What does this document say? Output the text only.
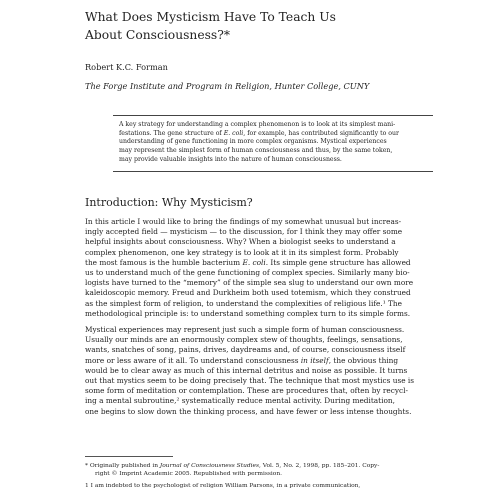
What Does Mysticism Have To Teach Us
About Consciousness?*
Robert K.C. Forman
The Forge Institute and Program in Religion, Hunter College, CUNY
A key strategy for understanding a complex phenomenon is to look at its simplest mani-
festations. The gene structure of E. coli, for example, has contributed significantly to our
understanding of gene functioning in more complex organisms. Mystical experiences
may represent the simplest form of human consciousness and thus, by the same token,
may provide valuable insights into the nature of human consciousness.
Introduction: Why Mysticism?
In this article I would like to bring the findings of my somewhat unusual but increas-
ingly accepted field — mysticism — to the discussion, for I think they may offer some
helpful insights about consciousness. Why? When a biologist seeks to understand a
complex phenomenon, one key strategy is to look at it in its simplest form. Probably
the most famous is the humble bacterium E. coli. Its simple gene structure has allowed
us to understand much of the gene functioning of complex species. Similarly many bio-
logists have turned to the “memory” of the simple sea slug to understand our own more
kaleidoscopic memory. Freud and Durkheim both used totemism, which they construed
as the simplest form of religion, to understand the complexities of religious life.¹ The
methodological principle is: to understand something complex turn to its simple forms.
Mystical experiences may represent just such a simple form of human consciousness.
Usually our minds are an enormously complex stew of thoughts, feelings, sensations,
wants, snatches of song, pains, drives, daydreams and, of course, consciousness itself
more or less aware of it all. To understand consciousness in itself, the obvious thing
would be to clear away as much of this internal detritus and noise as possible. It turns
out that mystics seem to be doing precisely that. The technique that most mystics use is
some form of meditation or contemplation. These are procedures that, often by recycl-
ing a mental subroutine,² systematically reduce mental activity. During meditation,
one begins to slow down the thinking process, and have fewer or less intense thoughts.
* Originally published in Journal of Consciousness Studies, Vol. 5, No. 2, 1998, pp. 185–201. Copy-
right © Imprint Academic 2005. Republished with permission.
1 I am indebted to the psychologist of religion William Parsons, in a private communication,
